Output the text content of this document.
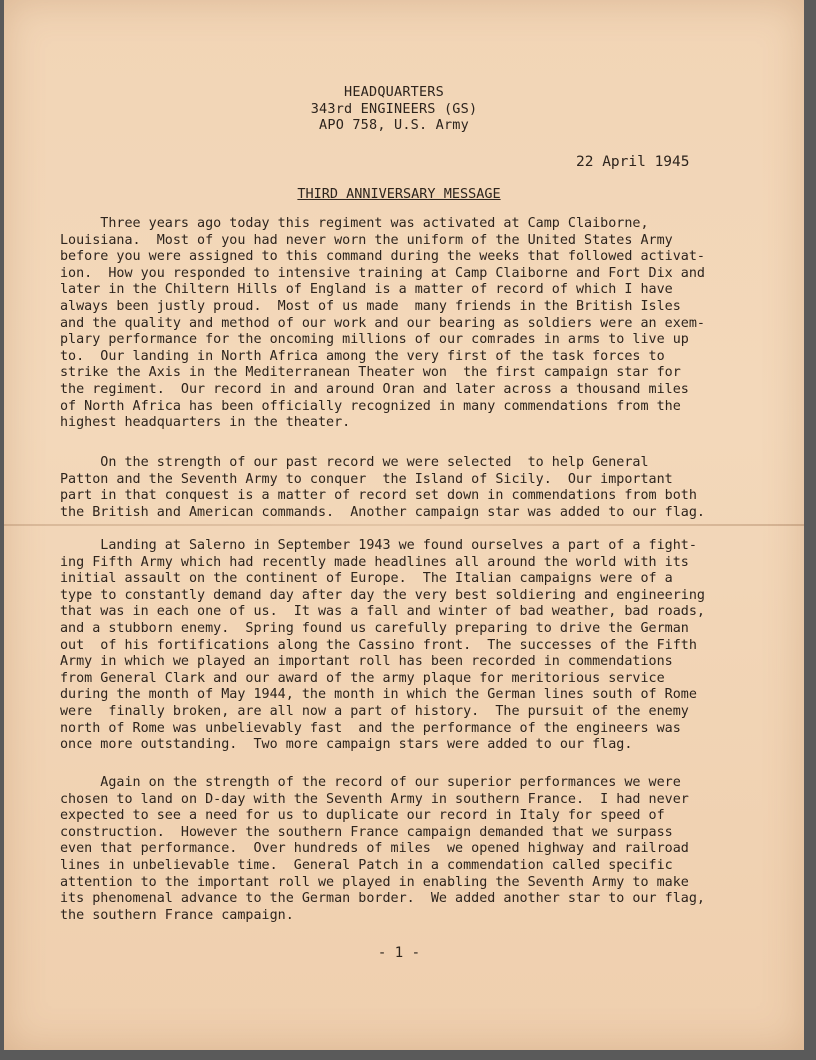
HEADQUARTERS
343rd ENGINEERS (GS)
APO 758, U.S. Army
22 April 1945
THIRD ANNIVERSARY MESSAGE
Three years ago today this regiment was activated at Camp Claiborne,
Louisiana.  Most of you had never worn the uniform of the United States Army
before you were assigned to this command during the weeks that followed activat-
ion.  How you responded to intensive training at Camp Claiborne and Fort Dix and
later in the Chiltern Hills of England is a matter of record of which I have
always been justly proud.  Most of us made  many friends in the British Isles
and the quality and method of our work and our bearing as soldiers were an exem-
plary performance for the oncoming millions of our comrades in arms to live up
to.  Our landing in North Africa among the very first of the task forces to
strike the Axis in the Mediterranean Theater won  the first campaign star for
the regiment.  Our record in and around Oran and later across a thousand miles
of North Africa has been officially recognized in many commendations from the
highest headquarters in the theater.
On the strength of our past record we were selected  to help General
Patton and the Seventh Army to conquer  the Island of Sicily.  Our important
part in that conquest is a matter of record set down in commendations from both
the British and American commands.  Another campaign star was added to our flag.
Landing at Salerno in September 1943 we found ourselves a part of a fight-
ing Fifth Army which had recently made headlines all around the world with its
initial assault on the continent of Europe.  The Italian campaigns were of a
type to constantly demand day after day the very best soldiering and engineering
that was in each one of us.  It was a fall and winter of bad weather, bad roads,
and a stubborn enemy.  Spring found us carefully preparing to drive the German
out  of his fortifications along the Cassino front.  The successes of the Fifth
Army in which we played an important roll has been recorded in commendations
from General Clark and our award of the army plaque for meritorious service
during the month of May 1944, the month in which the German lines south of Rome
were  finally broken, are all now a part of history.  The pursuit of the enemy
north of Rome was unbelievably fast  and the performance of the engineers was
once more outstanding.  Two more campaign stars were added to our flag.
Again on the strength of the record of our superior performances we were
chosen to land on D-day with the Seventh Army in southern France.  I had never
expected to see a need for us to duplicate our record in Italy for speed of
construction.  However the southern France campaign demanded that we surpass
even that performance.  Over hundreds of miles  we opened highway and railroad
lines in unbelievable time.  General Patch in a commendation called specific
attention to the important roll we played in enabling the Seventh Army to make
its phenomenal advance to the German border.  We added another star to our flag,
the southern France campaign.
- 1 -
